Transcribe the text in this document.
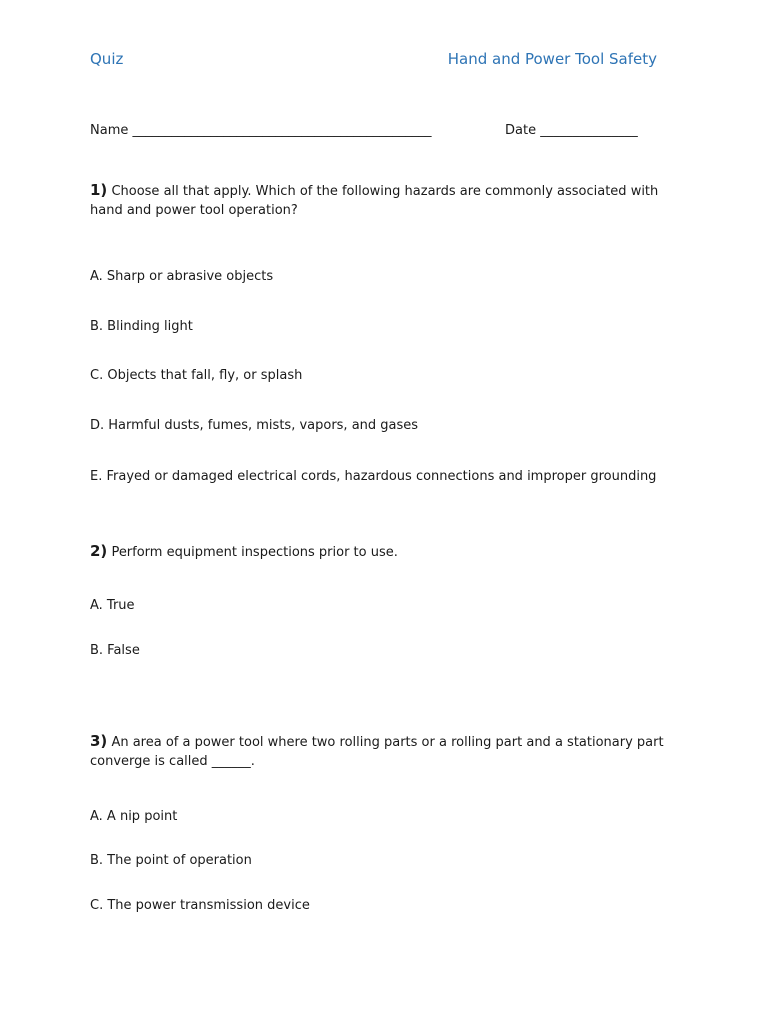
Quiz	Hand and Power Tool Safety
Name ______________________________________________	Date _______________
1) Choose all that apply. Which of the following hazards are commonly associated with hand and power tool operation?
A. Sharp or abrasive objects
B. Blinding light
C. Objects that fall, fly, or splash
D. Harmful dusts, fumes, mists, vapors, and gases
E. Frayed or damaged electrical cords, hazardous connections and improper grounding
2) Perform equipment inspections prior to use.
A. True
B. False
3) An area of a power tool where two rolling parts or a rolling part and a stationary part converge is called ______.
A. A nip point
B. The point of operation
C. The power transmission device
